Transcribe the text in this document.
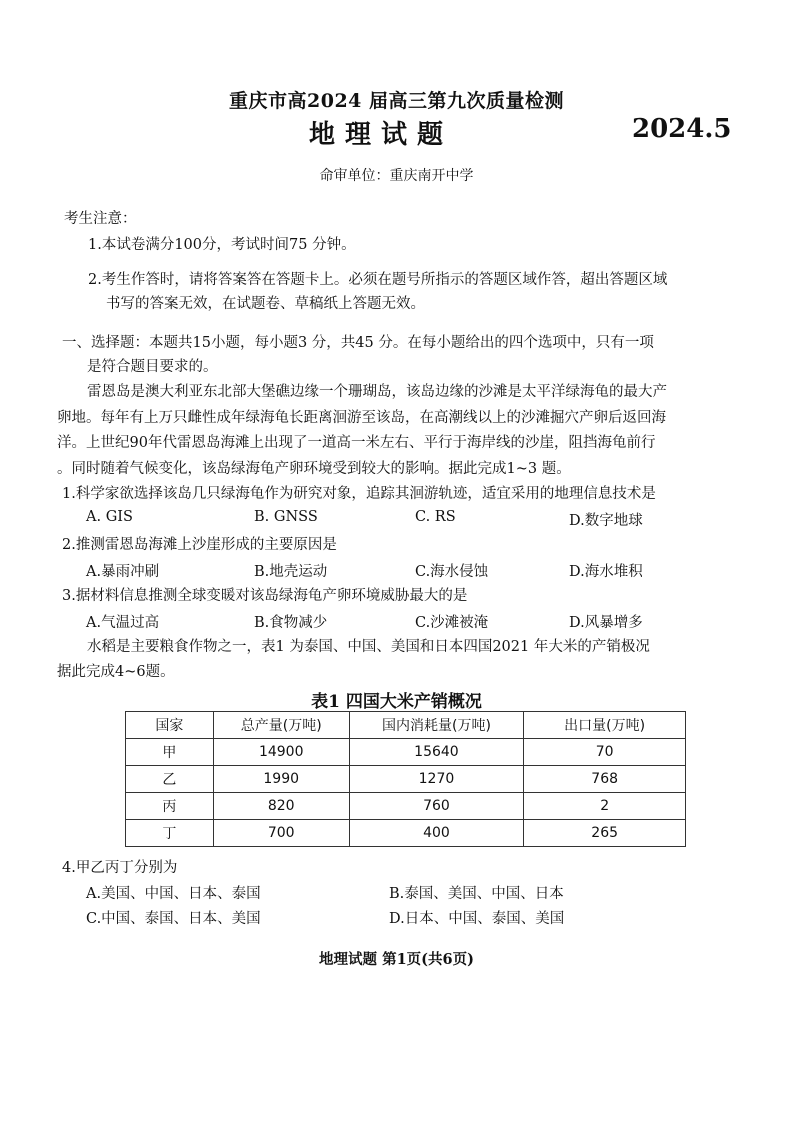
重庆市高2024 届高三第九次质量检测
地理试题	2024.5
命审单位：重庆南开中学
考生注意：
1.本试卷满分100分，考试时间75 分钟。
2.考生作答时，请将答案答在答题卡上。必须在题号所指示的答题区域作答，超出答题区域
书写的答案无效，在试题卷、草稿纸上答题无效。
一、选择题：本题共15小题，每小题3 分，共45 分。在每小题给出的四个选项中，只有一项
是符合题目要求的。
雷恩岛是澳大利亚东北部大堡礁边缘一个珊瑚岛，该岛边缘的沙滩是太平洋绿海龟的最大产
卵地。每年有上万只雌性成年绿海龟长距离洄游至该岛，在高潮线以上的沙滩掘穴产卵后返回海
洋。上世纪90年代雷恩岛海滩上出现了一道高一米左右、平行于海岸线的沙崖，阻挡海龟前行
。同时随着气候变化，该岛绿海龟产卵环境受到较大的影响。据此完成1~3 题。
1.科学家欲选择该岛几只绿海龟作为研究对象，追踪其洄游轨迹，适宜采用的地理信息技术是
A. GIS	B. GNSS	C. RS	D.数字地球
2.推测雷恩岛海滩上沙崖形成的主要原因是
A.暴雨冲刷	B.地壳运动	C.海水侵蚀	D.海水堆积
3.据材料信息推测全球变暖对该岛绿海龟产卵环境威胁最大的是
A.气温过高	B.食物减少	C.沙滩被淹	D.风暴增多
水稻是主要粮食作物之一，表1 为泰国、中国、美国和日本四国2021 年大米的产销极况
据此完成4~6题。
表1 四国大米产销概况
国家	总产量(万吨)	国内消耗量(万吨)	出口量(万吨)
甲	14900	15640	70
乙	1990	1270	768
丙	820	760	2
丁	700	400	265
4.甲乙丙丁分别为
A.美国、中国、日本、泰国	B.泰国、美国、中国、日本
C.中国、泰国、日本、美国	D.日本、中国、泰国、美国
地理试题 第1页(共6页)
